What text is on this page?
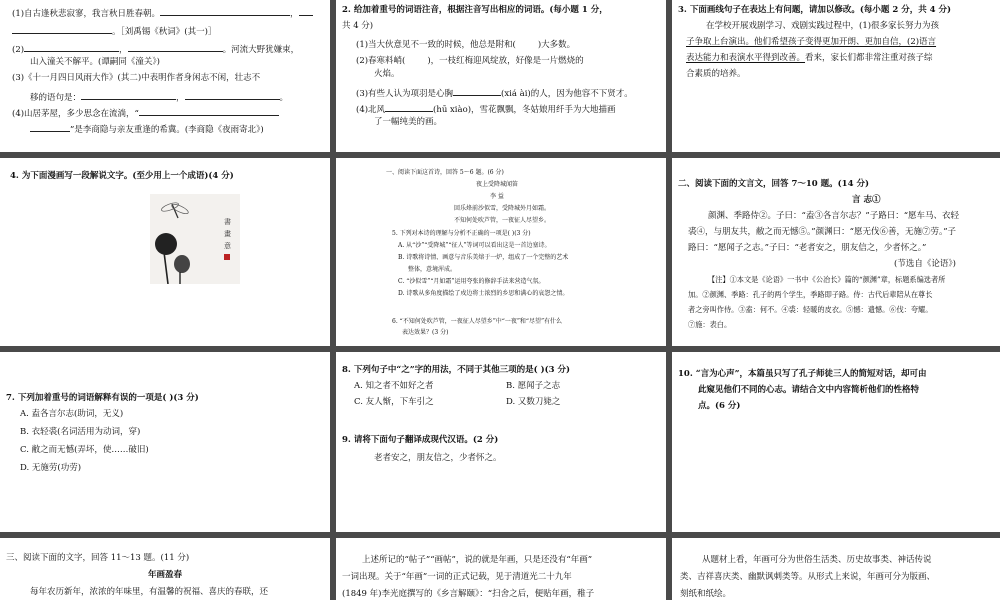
(1)自古逢秋悲寂寥，我言秋日胜春朝。	，

。［刘禹锡《秋词》(其一)］

(2)	，	。河流大野犹嫌束，

山入潼关不解平。(谭嗣同《潼关》)

(3)《十一月四日风雨大作》(其二)中表明作者身闲志不闲，壮志不

移的语句是：	，	。

(4)山居茅屋，多少思念在流淌，“

”是李商隐与亲友重逢的希冀。(李商隐《夜雨寄北》)

2. 给加着重号的词语注音，根据注音写出相应的词语。(每小题 1 分，

共 4 分)

(1)当大伙意见不一致的时候，他总是附和(	)大多数。

(2)春寒料峭(	)，一枝红梅迎风绽放，好像是一片燃烧的

火焰。

(3)有些人认为项羽是心胸	(xiá ài)的人，因为他容不下贤才。

(4)北风	(hū xiào)，雪花飘飘，冬姑娘用纤手为大地描画

了一幅纯美的画。

3. 下面画线句子在表达上有问题，请加以修改。(每小题 2 分，共 4 分)

在学校开展戏剧学习、戏剧实践过程中，(1)很多家长努力为孩

子争取上台演出。他们希望孩子变得更加开朗、更加自信，(2)语言

表达能力和表演水平得到改善。看来，家长们都非常注重对孩子综

合素质的培养。

4. 为下面漫画写一段解说文字。(至少用上一个成语)(4 分)

書
畫
意

一、阅读下面这首诗，回答 5～6 题。(6 分)

夜上受降城闻笛

李 益

回乐烽前沙似雪，受降城外月如霜。

不知何处吹芦管，一夜征人尽望乡。

5. 下列对本诗的理解与分析不正确的一项是( )(3 分)

A. 从“沙”“受降城”“征人”等词可以看出这是一首边塞诗。

B. 诗歌将诗情、画意与音乐美熔于一炉，组成了一个完整的艺术

整体，意境浑成。

C. “沙似雪”“月如霜”运用夸张的修辞手法来营造气氛。

D. 诗歌从多角度描绘了戍边将士浓烈的乡思和满心的哀怨之情。

6. “不知何处吹芦管，一夜征人尽望乡”中“一夜”和“尽望”有什么

表达效果？(3 分)

二、阅读下面的文言文，回答 7～10 题。(14 分)

言 志①

颜渊、季路侍②。子曰：“盍③各言尔志？”子路曰：“愿车马、衣轻

裘④，与朋友共，敝之而无憾⑤。”颜渊曰：“愿无伐⑥善，无施⑦劳。”子

路曰：“愿闻子之志。”子曰：“老者安之，朋友信之，少者怀之。”

(节选自《论语》)

【注】①本文是《论语》一书中《公冶长》篇的“颜渊”章，标题系编选者所

加。②颜渊、季路：孔子的两个学生，季路即子路。侍：古代后辈陪从在尊长

者之旁叫作侍。③盍：何不。④裘：轻暖的皮衣。⑤憾：遗憾。⑥伐：夸耀。

⑦施：表白。

7. 下列加着重号的词语解释有误的一项是( )(3 分)

A. 盍各言尔志(助词，无义)

B. 衣轻裘(名词活用为动词，穿)

C. 敝之而无憾(弄坏，使……破旧)

D. 无施劳(功劳)

8. 下列句子中“之”字的用法，不同于其他三项的是( )(3 分)

A. 知之者不如好之者	B. 愿闻子之志

C. 友人惭，下车引之	D. 又数刀毙之

9. 请将下面句子翻译成现代汉语。(2 分)

老者安之，朋友信之，少者怀之。

10. “言为心声”，本篇虽只写了孔子师徒三人的简短对话，却可由

此窥见他们不同的心志。请结合文中内容简析他们的性格特

点。(6 分)

三、阅读下面的文字，回答 11～13 题。(11 分)

年画盈春

每年农历新年，浓浓的年味里，有温馨的祝福、喜庆的春联，还

上述所记的“帖子”“画帖”，说的就是年画，只是还没有“年画”

一词出现。关于“年画”一词的正式记载，见于清道光二十九年

(1849 年)李光庭撰写的《乡言解颐》：“扫舍之后，便贴年画，稚子

从题材上看，年画可分为世俗生活类、历史故事类、神话传说

类、吉祥喜庆类、幽默讽刺类等。从形式上来说，年画可分为版画、

刻纸和纸绘。
